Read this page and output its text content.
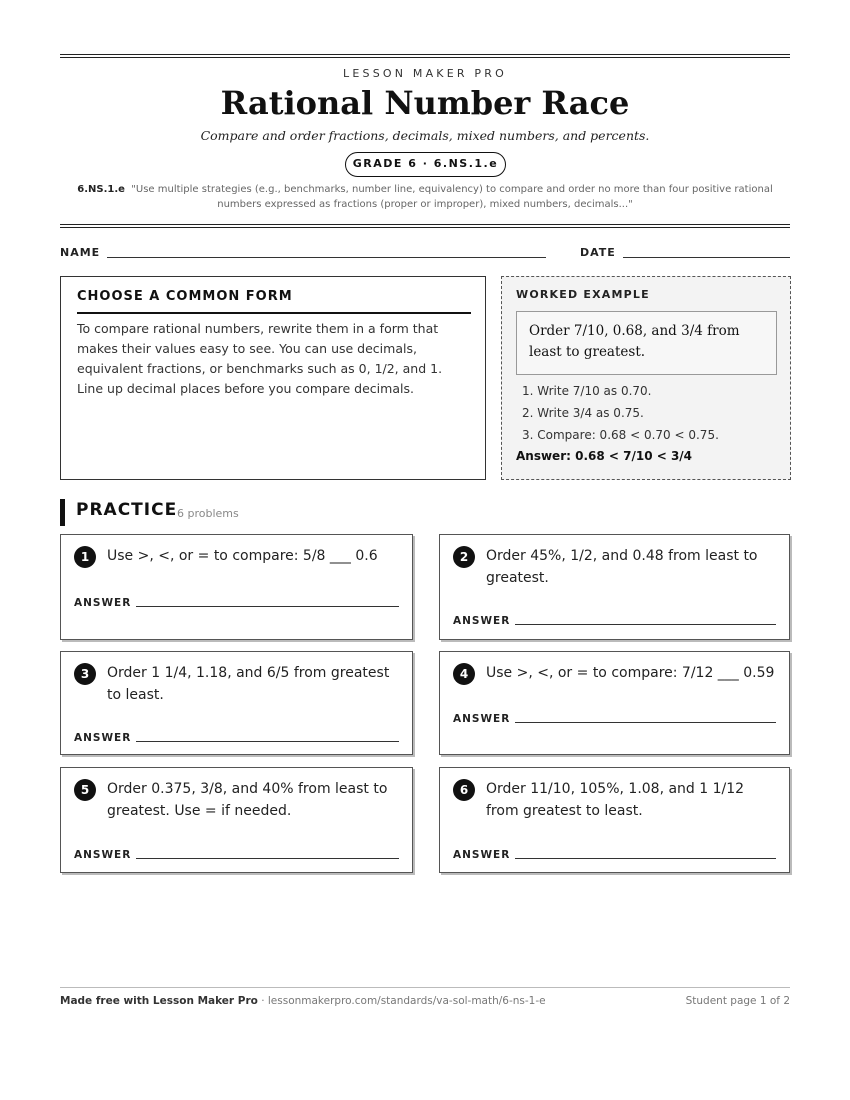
LESSON MAKER PRO
Rational Number Race
Compare and order fractions, decimals, mixed numbers, and percents.
GRADE 6 · 6.NS.1.e
6.NS.1.e "Use multiple strategies (e.g., benchmarks, number line, equivalency) to compare and order no more than four positive rational numbers expressed as fractions (proper or improper), mixed numbers, decimals..."
NAME	DATE
CHOOSE A COMMON FORM

To compare rational numbers, rewrite them in a form that makes their values easy to see. You can use decimals, equivalent fractions, or benchmarks such as 0, 1/2, and 1. Line up decimal places before you compare decimals.

WORKED EXAMPLE
Order 7/10, 0.68, and 3/4 from least to greatest.
1. Write 7/10 as 0.70.
2. Write 3/4 as 0.75.
3. Compare: 0.68 < 0.70 < 0.75.
Answer: 0.68 < 7/10 < 3/4
PRACTICE 6 problems
1	Use >, <, or = to compare: 5/8 ___ 0.6
ANSWER
2	Order 45%, 1/2, and 0.48 from least to greatest.
ANSWER
3	Order 1 1/4, 1.18, and 6/5 from greatest to least.
ANSWER
4	Use >, <, or = to compare: 7/12 ___ 0.59
ANSWER
5	Order 0.375, 3/8, and 40% from least to greatest. Use = if needed.
ANSWER
6	Order 11/10, 105%, 1.08, and 1 1/12 from greatest to least.
ANSWER
Made free with Lesson Maker Pro · lessonmakerpro.com/standards/va-sol-math/6-ns-1-e	Student page 1 of 2
